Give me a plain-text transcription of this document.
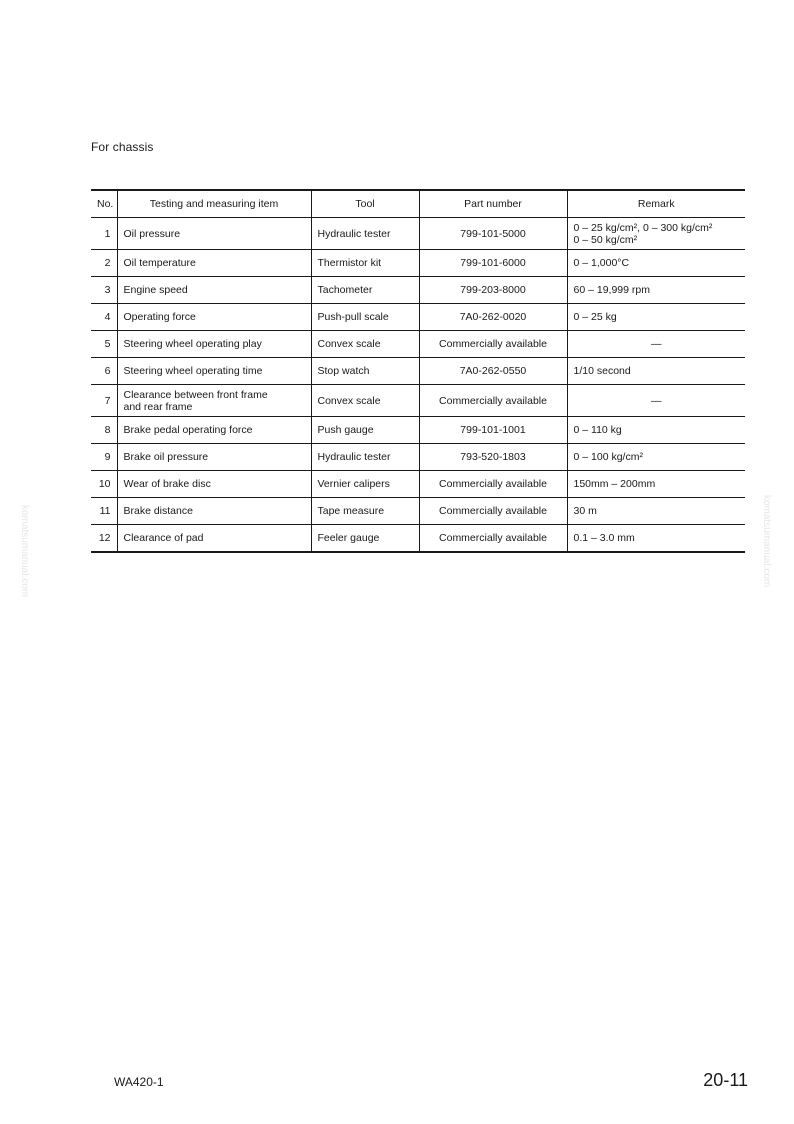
For chassis
No.	Testing and measuring item	Tool	Part number	Remark
1	Oil pressure	Hydraulic tester	799-101-5000	0 – 25 kg/cm², 0 – 300 kg/cm²
0 – 50 kg/cm²

2	Oil temperature	Thermistor kit	799-101-6000	0 – 1,000°C
3	Engine speed	Tachometer	799-203-8000	60 – 19,999 rpm
4	Operating force	Push-pull scale	7A0-262-0020	0 – 25 kg
5	Steering wheel operating play	Convex scale	Commercially available	—
6	Steering wheel operating time	Stop watch	7A0-262-0550	1/10 second
7	Clearance between front frame
and rear frame	Convex scale	Commercially available	—
8	Brake pedal operating force	Push gauge	799-101-1001	0 – 110 kg
9	Brake oil pressure	Hydraulic tester	793-520-1803	0 – 100 kg/cm²
10	Wear of brake disc	Vernier calipers	Commercially available	150mm – 200mm
11	Brake distance	Tape measure	Commercially available	30 m
12	Clearance of pad	Feeler gauge	Commercially available	0.1 – 3.0 mm
komatsumanual.com	komatsumanual.com
WA420-1	20-11
